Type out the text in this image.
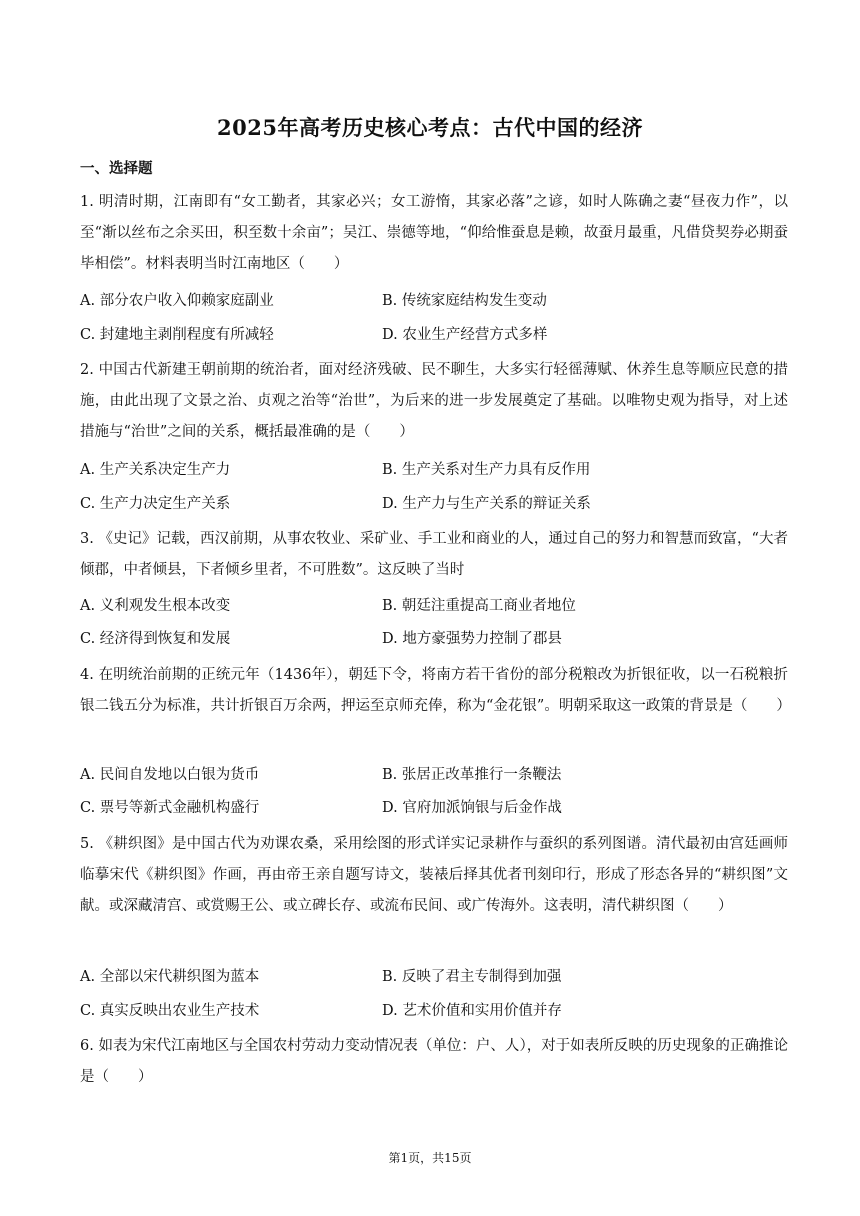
2025年高考历史核心考点：古代中国的经济
一、选择题
1. 明清时期，江南即有“女工勤者，其家必兴；女工游惰，其家必落”之谚，如时人陈确之妻“昼夜力作”，以至“渐以丝布之余买田，积至数十余亩”；吴江、崇德等地，“仰给惟蚕息是赖，故蚕月最重，凡借贷契券必期蚕毕相偿”。材料表明当时江南地区（　　）
A. 部分农户收入仰赖家庭副业	B. 传统家庭结构发生变动
C. 封建地主剥削程度有所减轻	D. 农业生产经营方式多样
2. 中国古代新建王朝前期的统治者，面对经济残破、民不聊生，大多实行轻徭薄赋、休养生息等顺应民意的措施，由此出现了文景之治、贞观之治等“治世”，为后来的进一步发展奠定了基础。以唯物史观为指导，对上述措施与“治世”之间的关系，概括最准确的是（　　）
A. 生产关系决定生产力	B. 生产关系对生产力具有反作用
C. 生产力决定生产关系	D. 生产力与生产关系的辩证关系
3. 《史记》记载，西汉前期，从事农牧业、采矿业、手工业和商业的人，通过自己的努力和智慧而致富，“大者倾郡，中者倾县，下者倾乡里者，不可胜数”。这反映了当时
A. 义利观发生根本改变	B. 朝廷注重提高工商业者地位
C. 经济得到恢复和发展	D. 地方豪强势力控制了郡县
4. 在明统治前期的正统元年（1436年），朝廷下令，将南方若干省份的部分税粮改为折银征收，以一石税粮折银二钱五分为标准，共计折银百万余两，押运至京师充俸，称为“金花银”。明朝采取这一政策的背景是（　　）
A. 民间自发地以白银为货币	B. 张居正改革推行一条鞭法
C. 票号等新式金融机构盛行	D. 官府加派饷银与后金作战
5. 《耕织图》是中国古代为劝课农桑，采用绘图的形式详实记录耕作与蚕织的系列图谱。清代最初由宫廷画师临摹宋代《耕织图》作画，再由帝王亲自题写诗文，装裱后择其优者刊刻印行，形成了形态各异的“耕织图”文献。或深藏清宫、或赏赐王公、或立碑长存、或流布民间、或广传海外。这表明，清代耕织图（　　）
A. 全部以宋代耕织图为蓝本	B. 反映了君主专制得到加强
C. 真实反映出农业生产技术	D. 艺术价值和实用价值并存
6. 如表为宋代江南地区与全国农村劳动力变动情况表（单位：户、人），对于如表所反映的历史现象的正确推论是（　　）
第1页，共15页
